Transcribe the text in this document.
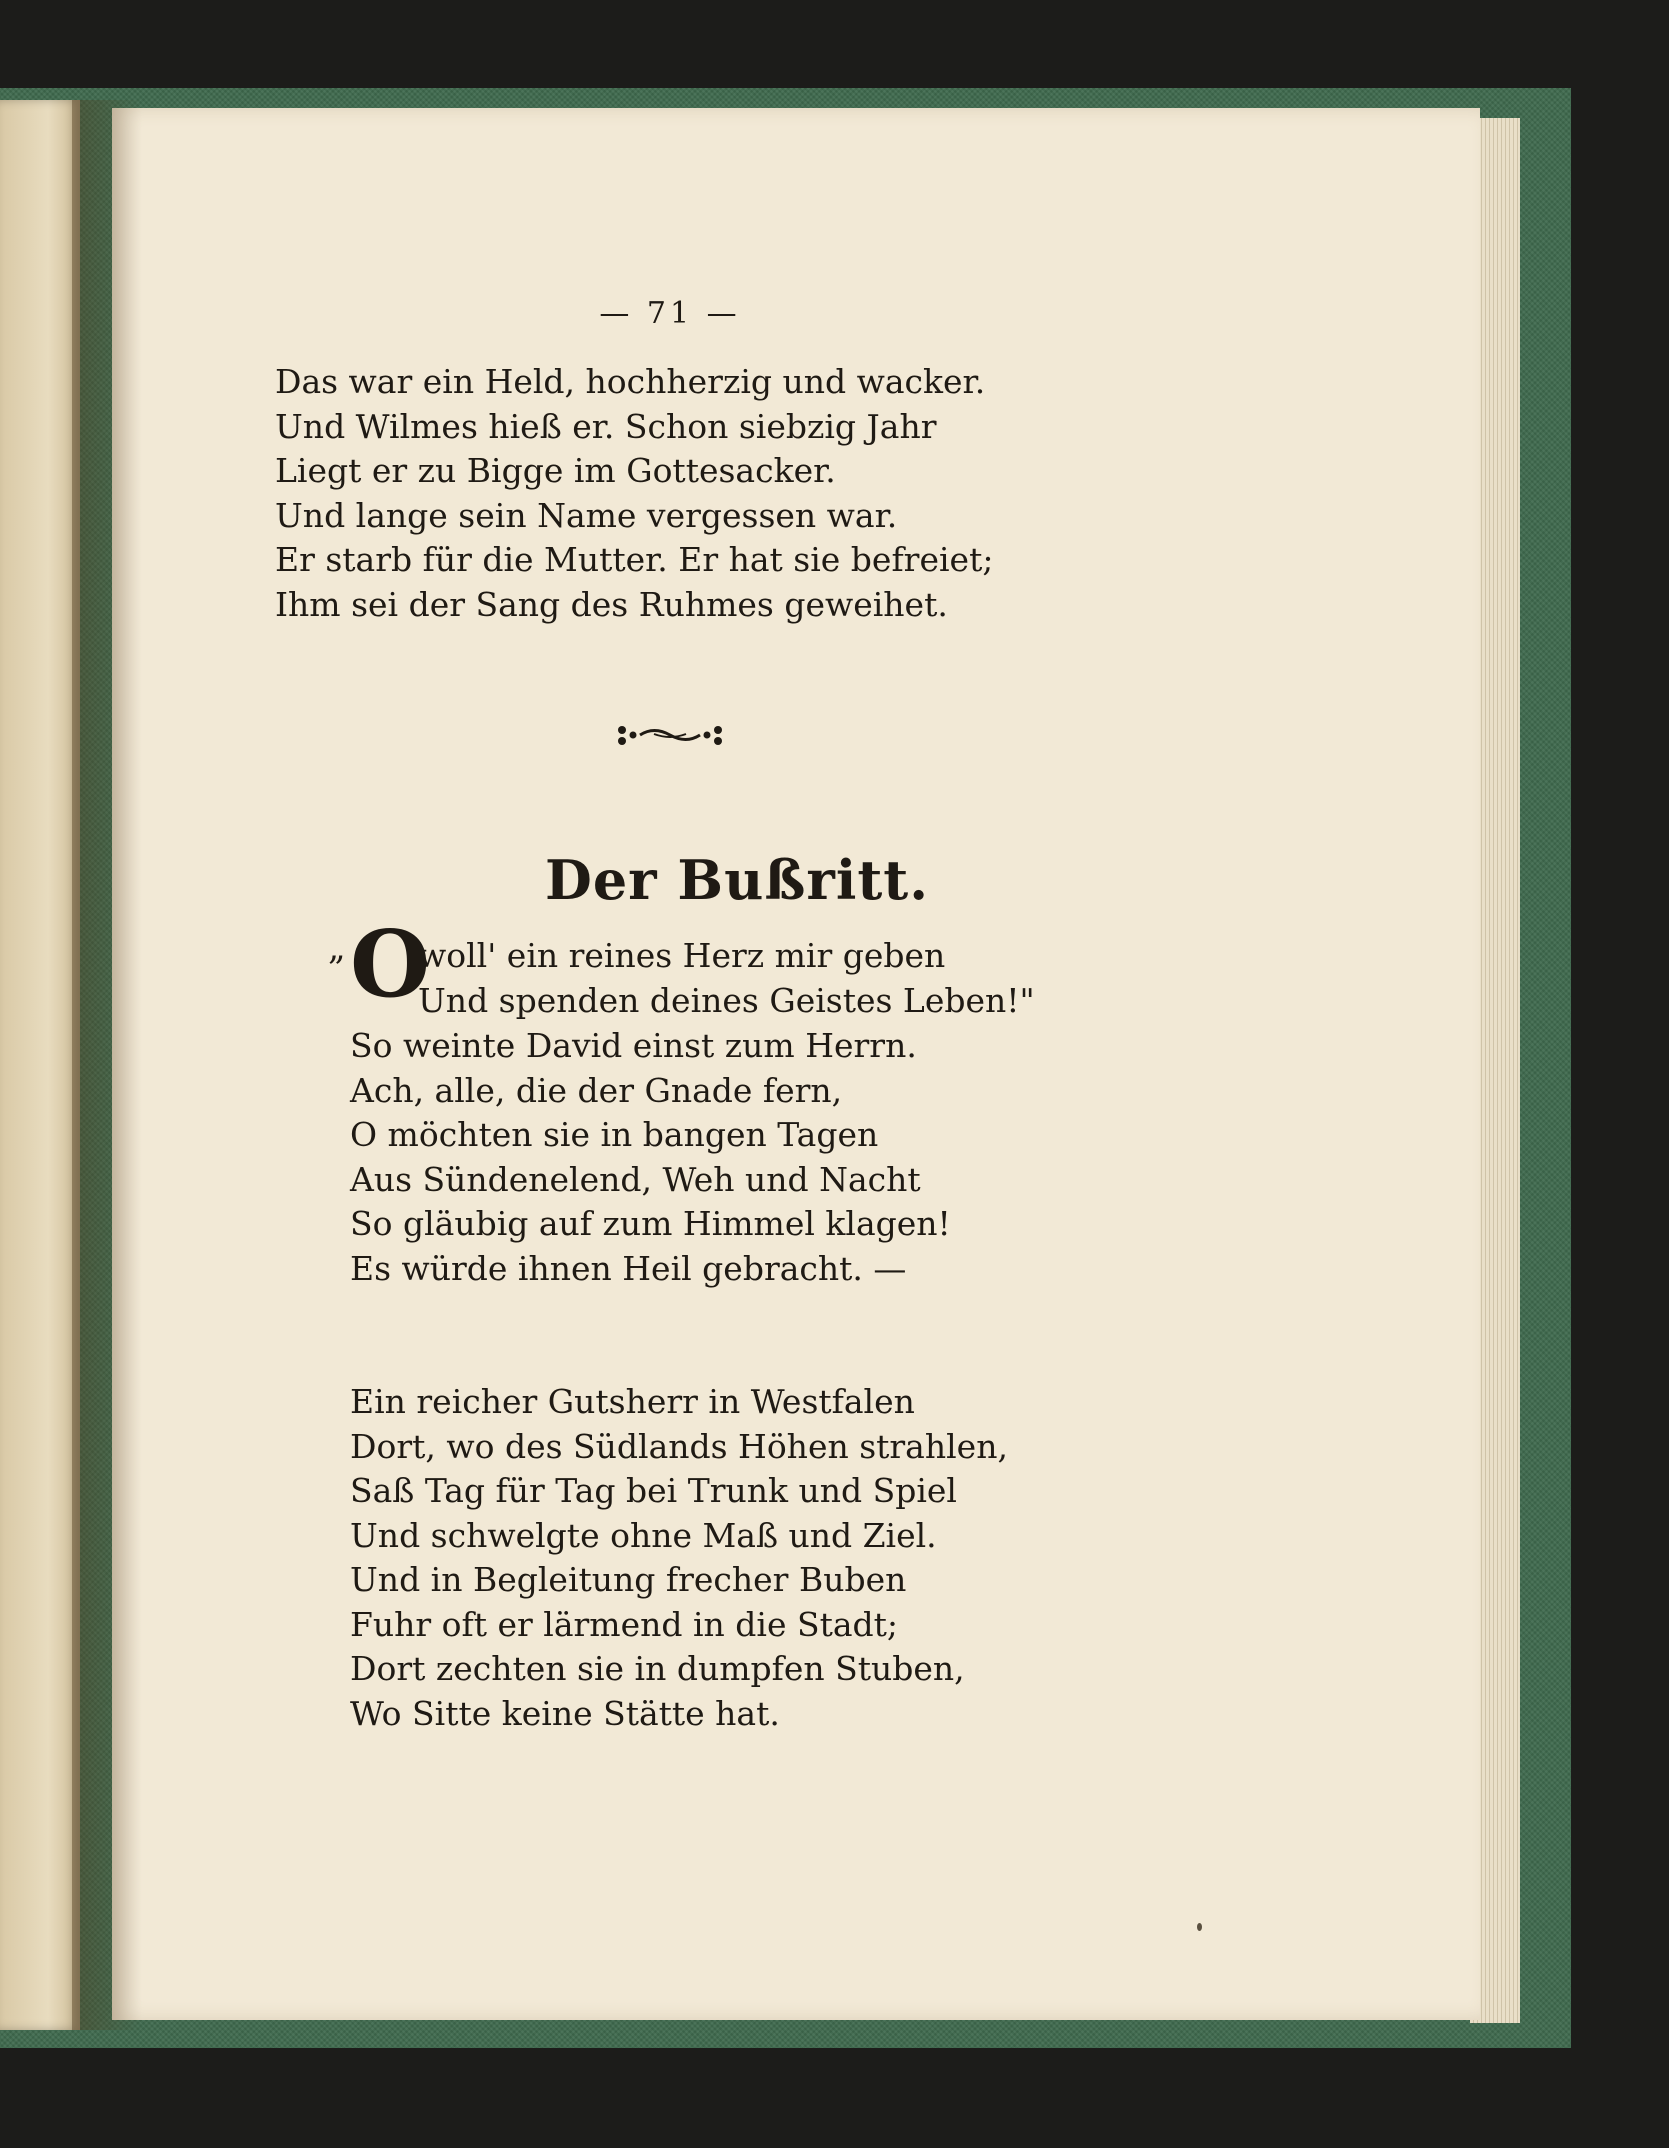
— 71 —
Das war ein Held, hochherzig und wacker.
Und Wilmes hieß er. Schon siebzig Jahr
Liegt er zu Bigge im Gottesacker.
Und lange sein Name vergessen war.
Er starb für die Mutter. Er hat sie befreiet;
Ihm sei der Sang des Ruhmes geweihet.
Der Bußritt.
„ O
woll' ein reines Herz mir geben
Und spenden deines Geistes Leben!"
So weinte David einst zum Herrn.
Ach, alle, die der Gnade fern,
O möchten sie in bangen Tagen
Aus Sündenelend, Weh und Nacht
So gläubig auf zum Himmel klagen!
Es würde ihnen Heil gebracht. —
Ein reicher Gutsherr in Westfalen
Dort, wo des Südlands Höhen strahlen,
Saß Tag für Tag bei Trunk und Spiel
Und schwelgte ohne Maß und Ziel.
Und in Begleitung frecher Buben
Fuhr oft er lärmend in die Stadt;
Dort zechten sie in dumpfen Stuben,
Wo Sitte keine Stätte hat.
